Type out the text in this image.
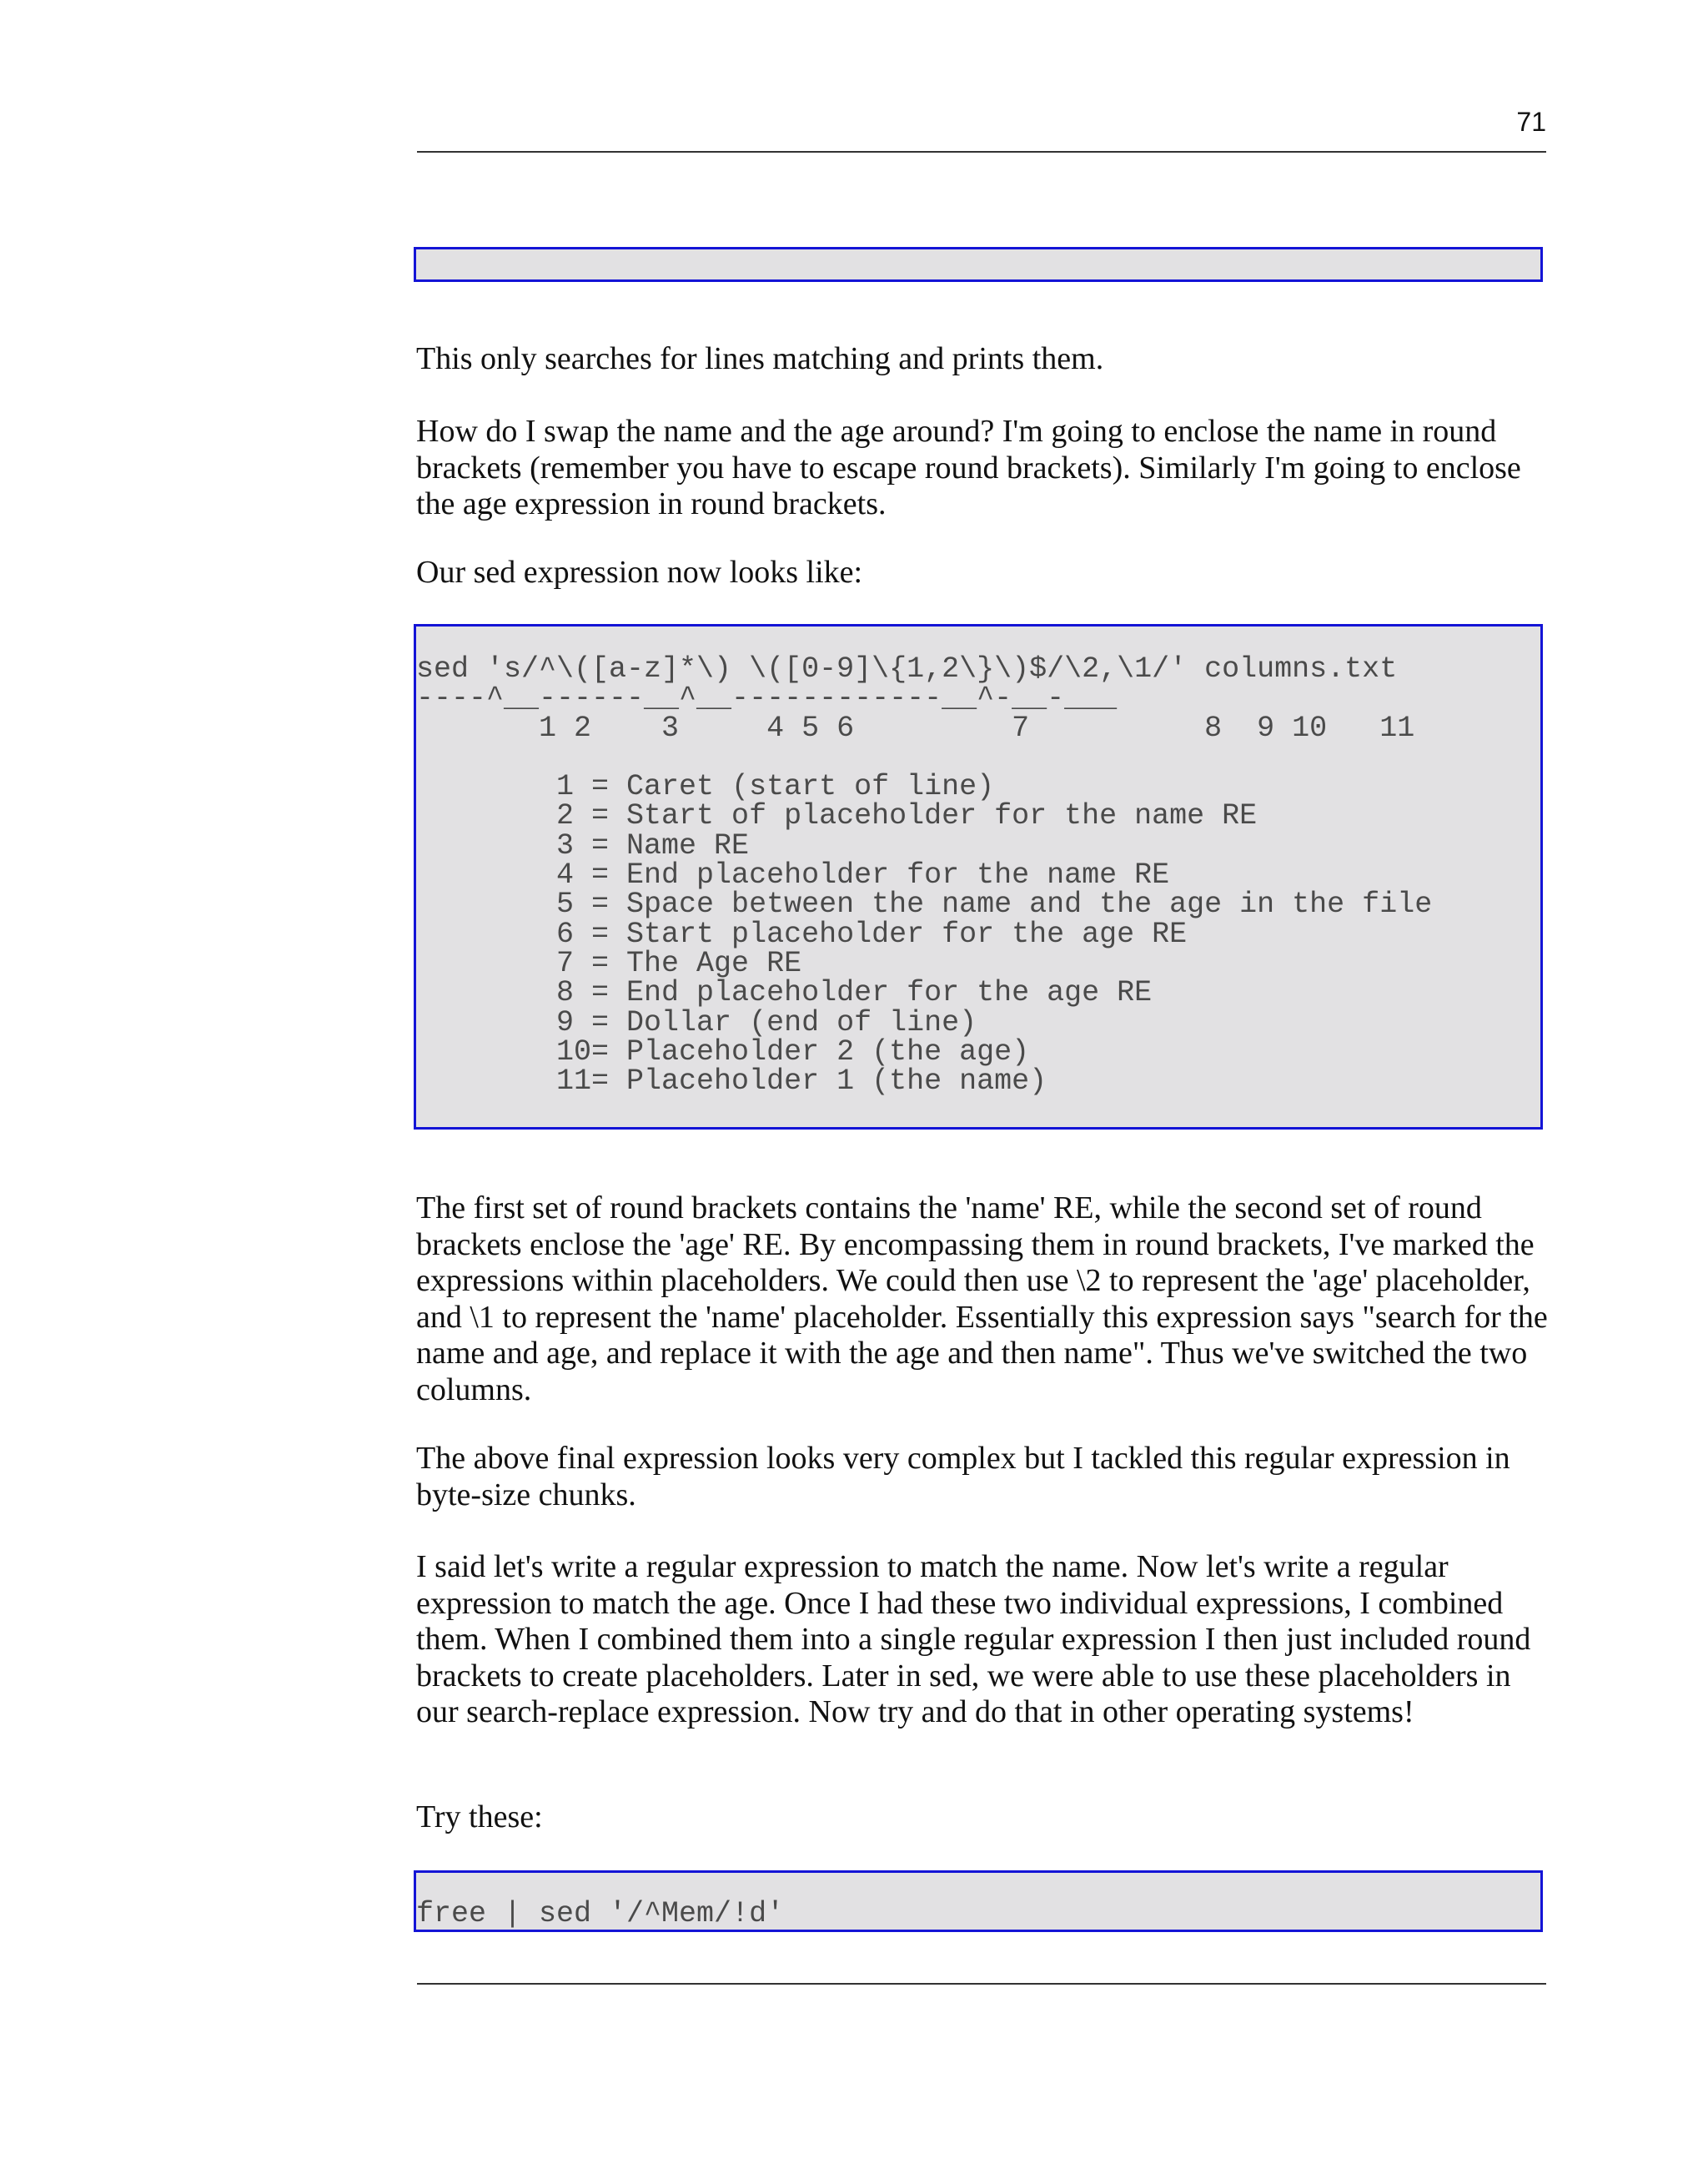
71

This only searches for lines matching and prints them.

How do I swap the name and the age around? I'm going to enclose the name in round brackets (remember you have to escape round brackets). Similarly I'm going to enclose the age expression in round brackets.

Our sed expression now looks like:

sed 's/^\([a-z]*\) \([0-9]\{1,2\}\)$/\2,\1/' columns.txt
----^__------__^__------------__^-__-___
1 2    3     4 5 6         7          8  9 10   11

1 = Caret (start of line)
2 = Start of placeholder for the name RE
3 = Name RE
4 = End placeholder for the name RE
5 = Space between the name and the age in the file
6 = Start placeholder for the age RE
7 = The Age RE
8 = End placeholder for the age RE
9 = Dollar (end of line)
10= Placeholder 2 (the age)
11= Placeholder 1 (the name)

The first set of round brackets contains the 'name' RE, while the second set of round brackets enclose the 'age' RE. By encompassing them in round brackets, I've marked the expressions within placeholders. We could then use \2 to represent the 'age' placeholder, and \1 to represent the 'name' placeholder. Essentially this expression says "search for the name and age, and replace it with the age and then name". Thus we've switched the two columns.

The above final expression looks very complex but I tackled this regular expression in byte-size chunks.

I said let's write a regular expression to match the name. Now let's write a regular expression to match the age. Once I had these two individual expressions, I combined them. When I combined them into a single regular expression I then just included round brackets to create placeholders. Later in sed, we were able to use these placeholders in our search-replace expression. Now try and do that in other operating systems!

Try these:

free | sed '/^Mem/!d'
